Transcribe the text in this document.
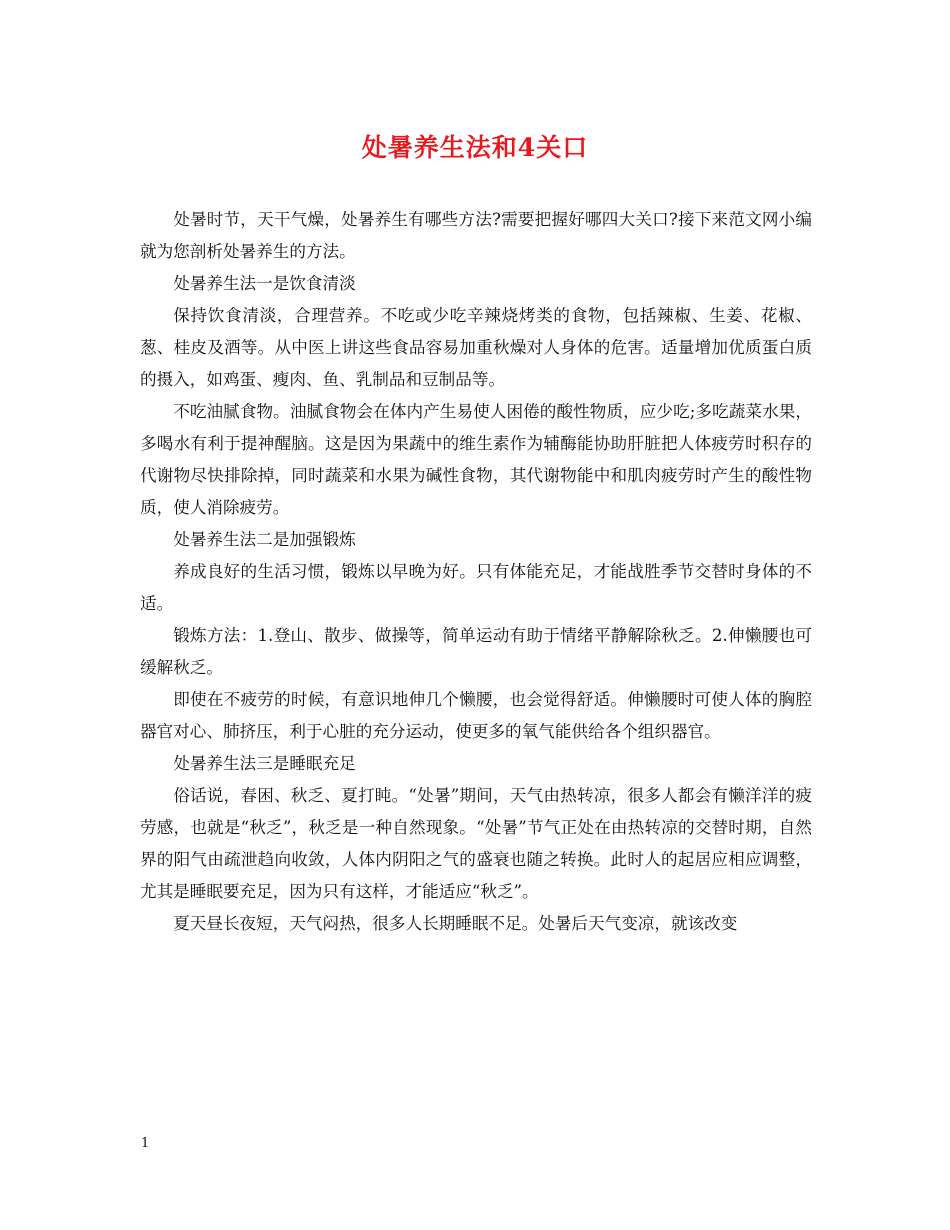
处暑养生法和4关口

处暑时节，天干气燥，处暑养生有哪些方法?需要把握好哪四大关口?接下来范文网小编就为您剖析处暑养生的方法。

处暑养生法一是饮食清淡

保持饮食清淡，合理营养。不吃或少吃辛辣烧烤类的食物，包括辣椒、生姜、花椒、葱、桂皮及酒等。从中医上讲这些食品容易加重秋燥对人身体的危害。适量增加优质蛋白质的摄入，如鸡蛋、瘦肉、鱼、乳制品和豆制品等。

不吃油腻食物。油腻食物会在体内产生易使人困倦的酸性物质，应少吃;多吃蔬菜水果，多喝水有利于提神醒脑。这是因为果蔬中的维生素作为辅酶能协助肝脏把人体疲劳时积存的代谢物尽快排除掉，同时蔬菜和水果为碱性食物，其代谢物能中和肌肉疲劳时产生的酸性物质，使人消除疲劳。

处暑养生法二是加强锻炼

养成良好的生活习惯，锻炼以早晚为好。只有体能充足，才能战胜季节交替时身体的不适。

锻炼方法：1.登山、散步、做操等，简单运动有助于情绪平静解除秋乏。2.伸懒腰也可缓解秋乏。

即使在不疲劳的时候，有意识地伸几个懒腰，也会觉得舒适。伸懒腰时可使人体的胸腔器官对心、肺挤压，利于心脏的充分运动，使更多的氧气能供给各个组织器官。

处暑养生法三是睡眠充足

俗话说，春困、秋乏、夏打盹。“处暑”期间，天气由热转凉，很多人都会有懒洋洋的疲劳感，也就是“秋乏”，秋乏是一种自然现象。“处暑”节气正处在由热转凉的交替时期，自然界的阳气由疏泄趋向收敛，人体内阴阳之气的盛衰也随之转换。此时人的起居应相应调整，尤其是睡眠要充足，因为只有这样，才能适应“秋乏”。

夏天昼长夜短，天气闷热，很多人长期睡眠不足。处暑后天气变凉，就该改变

1
